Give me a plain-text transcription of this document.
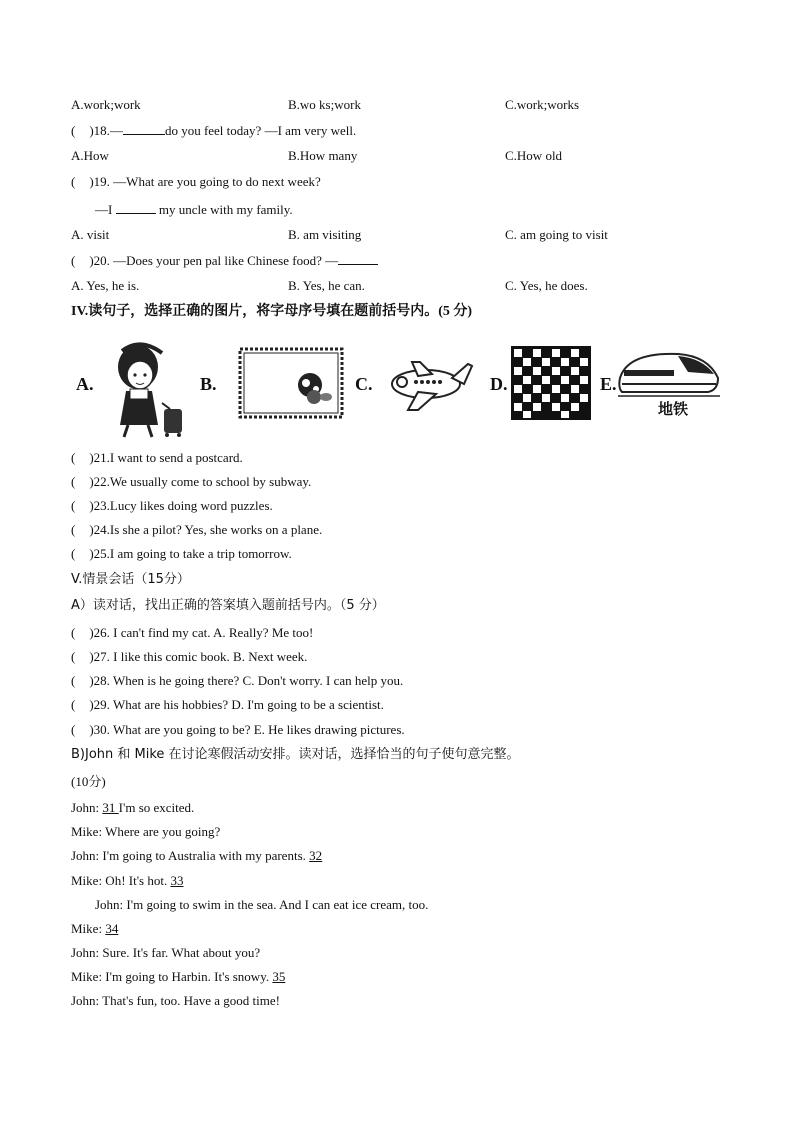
A.work;work	B.wo ks;work	C.work;works
( )18.—	do you feel today? —I am very well.
A.How	B.How many	C.How old
( )19. —What are you going to do next week?
—I	my uncle with my family.
A. visit	B. am visiting	C. am going to visit
( )20. —Does your pen pal like Chinese food? —
A. Yes, he is.	B. Yes, he can.	C. Yes, he does.
IV.读句子，选择正确的图片，将字母序号填在题前括号内。(5 分)
A.	B.	C.	D.	E.
地铁
( )21.I want to send a postcard.
( )22.We usually come to school by subway.
( )23.Lucy likes doing word puzzles.
( )24.Is she a pilot? Yes, she works on a plane.
( )25.I am going to take a trip tomorrow.
V.情景会话（15分）
A）读对话，找出正确的答案填入题前括号内。（5 分）
( )26. I can't find my cat. A. Really? Me too!
( )27. I like this comic book. B. Next week.
( )28. When is he going there? C. Don't worry. I can help you.
( )29. What are his hobbies? D. I'm going to be a scientist.
( )30. What are you going to be? E. He likes drawing pictures.
B)John 和 Mike 在讨论寒假活动安排。读对话，选择恰当的句子使句意完整。
(10分)
John: 31 I'm so excited.
Mike: Where are you going?
John: I'm going to Australia with my parents. 32
Mike: Oh! It's hot. 33
John: I'm going to swim in the sea. And I can eat ice cream, too.
Mike: 34
John: Sure. It's far. What about you?
Mike: I'm going to Harbin. It's snowy. 35
John: That's fun, too. Have a good time!
